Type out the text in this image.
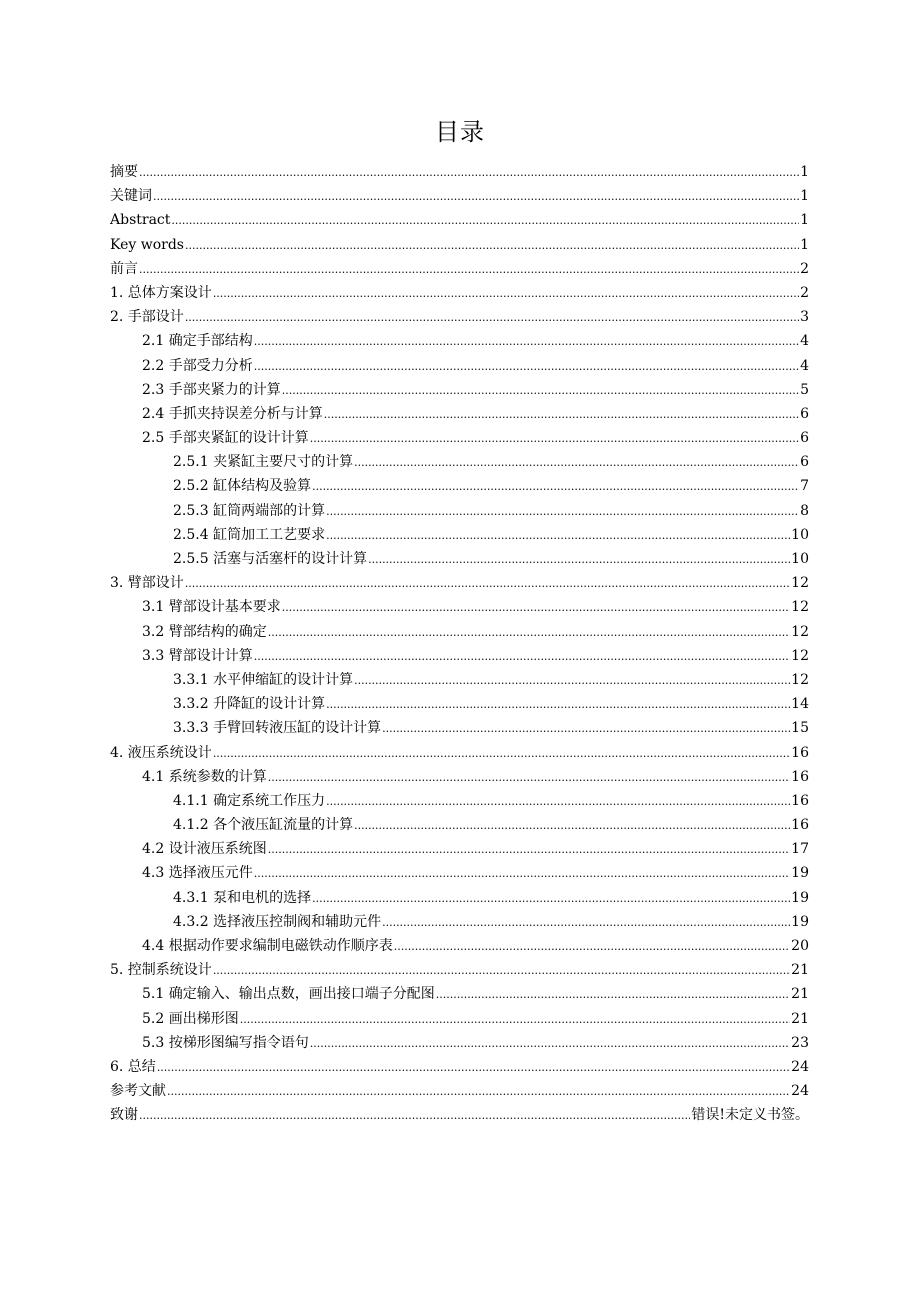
目录
摘要 .....	1
关键词 .....	1
Abstract .....	1
Key words .....	1
前言 .....	2
1. 总体方案设计 .....	2
2. 手部设计 .....	3
2.1 确定手部结构 .....	4
2.2 手部受力分析 .....	4
2.3 手部夹紧力的计算 .....	5
2.4 手抓夹持误差分析与计算 .....	6
2.5 手部夹紧缸的设计计算 .....	6
2.5.1 夹紧缸主要尺寸的计算 .....	6
2.5.2 缸体结构及验算 .....	7
2.5.3 缸筒两端部的计算 .....	8
2.5.4 缸筒加工工艺要求 .....	10
2.5.5 活塞与活塞杆的设计计算 .....	10
3. 臂部设计 .....	12
3.1 臂部设计基本要求 .....	12
3.2 臂部结构的确定 .....	12
3.3 臂部设计计算 .....	12
3.3.1 水平伸缩缸的设计计算 .....	12
3.3.2 升降缸的设计计算 .....	14
3.3.3 手臂回转液压缸的设计计算 .....	15
4. 液压系统设计 .....	16
4.1 系统参数的计算 .....	16
4.1.1 确定系统工作压力 .....	16
4.1.2 各个液压缸流量的计算 .....	16
4.2 设计液压系统图 .....	17
4.3 选择液压元件 .....	19
4.3.1 泵和电机的选择 .....	19
4.3.2 选择液压控制阀和辅助元件 .....	19
4.4 根据动作要求编制电磁铁动作顺序表 .....	20
5. 控制系统设计 .....	21
5.1 确定输入、输出点数，画出接口端子分配图 .....	21
5.2 画出梯形图 .....	21
5.3 按梯形图编写指令语句 .....	23
6. 总结 .....	24
参考文献 .....	24
致谢 .....	错误!未定义书签。
